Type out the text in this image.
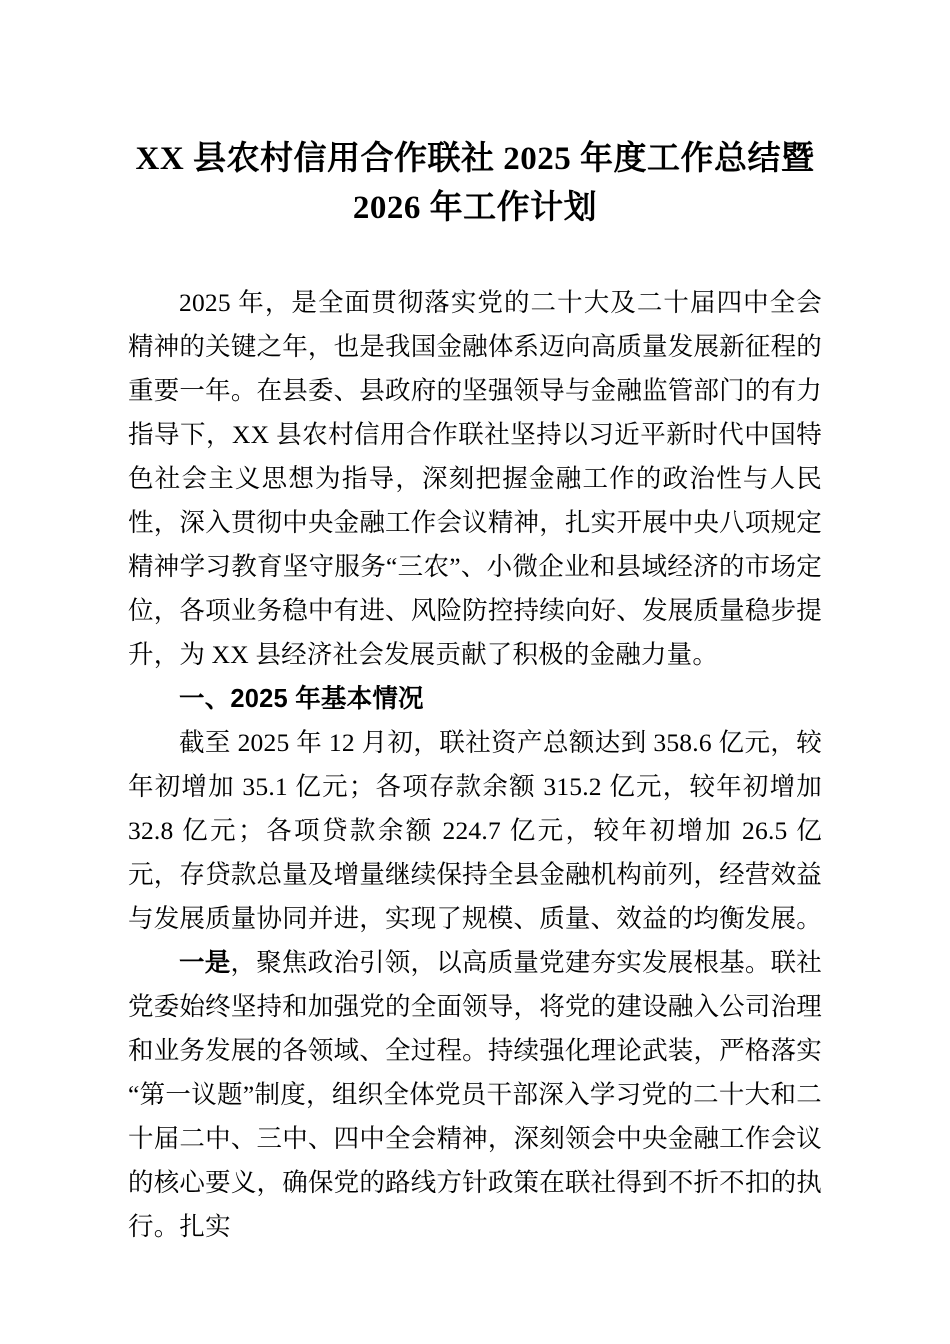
XX 县农村信用合作联社 2025 年度工作总结暨 2026 年工作计划

2025 年，是全面贯彻落实党的二十大及二十届四中全会精神的关键之年，也是我国金融体系迈向高质量发展新征程的重要一年。在县委、县政府的坚强领导与金融监管部门的有力指导下，XX 县农村信用合作联社坚持以习近平新时代中国特色社会主义思想为指导，深刻把握金融工作的政治性与人民性，深入贯彻中央金融工作会议精神，扎实开展中央八项规定精神学习教育坚守服务“三农”、小微企业和县域经济的市场定位，各项业务稳中有进、风险防控持续向好、发展质量稳步提升，为 XX 县经济社会发展贡献了积极的金融力量。

一、2025 年基本情况

截至 2025 年 12 月初，联社资产总额达到 358.6 亿元，较年初增加 35.1 亿元；各项存款余额 315.2 亿元，较年初增加 32.8 亿元；各项贷款余额 224.7 亿元，较年初增加 26.5 亿元，存贷款总量及增量继续保持全县金融机构前列，经营效益与发展质量协同并进，实现了规模、质量、效益的均衡发展。

一是，聚焦政治引领，以高质量党建夯实发展根基。联社党委始终坚持和加强党的全面领导，将党的建设融入公司治理和业务发展的各领域、全过程。持续强化理论武装，严格落实“第一议题”制度，组织全体党员干部深入学习党的二十大和二十届二中、三中、四中全会精神，深刻领会中央金融工作会议的核心要义，确保党的路线方针政策在联社得到不折不扣的执行。扎实
